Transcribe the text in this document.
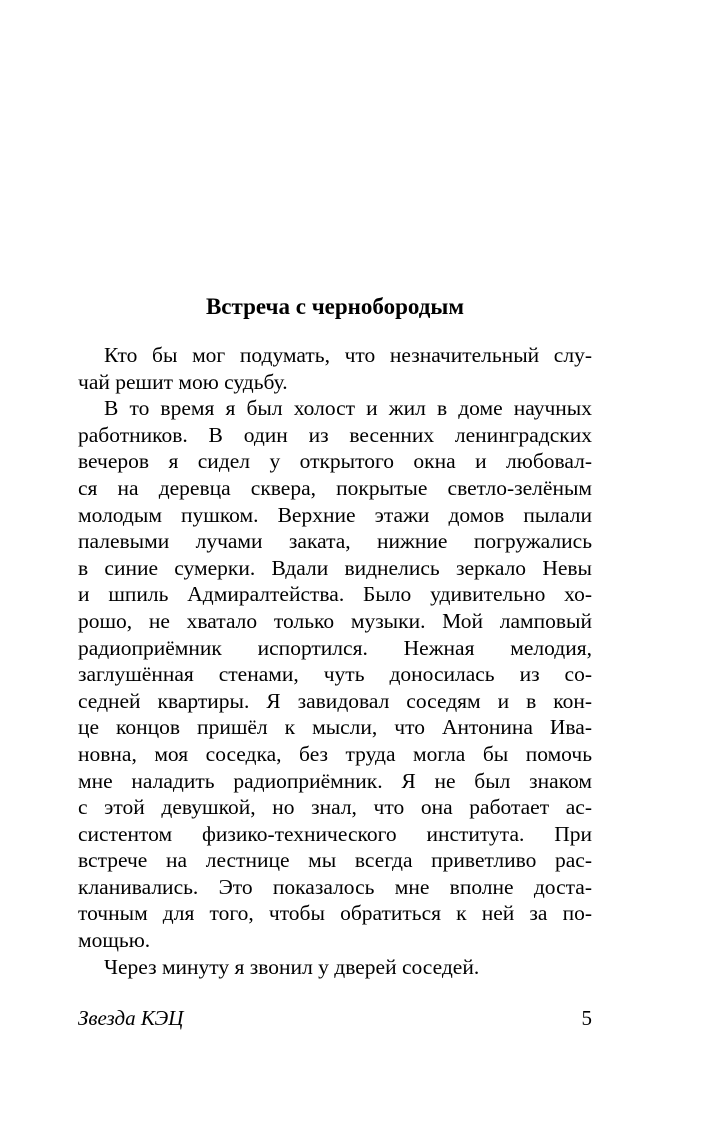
Встреча с чернобородым

Кто бы мог подумать, что незначительный слу-
чай решит мою судьбу.

В то время я был холост и жил в доме научных
работников. В один из весенних ленинградских
вечеров я сидел у открытого окна и любовал-
ся на деревца сквера, покрытые светло-зелёным
молодым пушком. Верхние этажи домов пылали
палевыми лучами заката, нижние погружались
в синие сумерки. Вдали виднелись зеркало Невы
и шпиль Адмиралтейства. Было удивительно хо-
рошо, не хватало только музыки. Мой ламповый
радиоприёмник испортился. Нежная мелодия,
заглушённая стенами, чуть доносилась из со-
седней квартиры. Я завидовал соседям и в кон-
це концов пришёл к мысли, что Антонина Ива-
новна, моя соседка, без труда могла бы помочь
мне наладить радиоприёмник. Я не был знаком
с этой девушкой, но знал, что она работает ас-
систентом физико-технического института. При
встрече на лестнице мы всегда приветливо рас-
кланивались. Это показалось мне вполне доста-
точным для того, чтобы обратиться к ней за по-
мощью.

Через минуту я звонил у дверей соседей.

Звезда КЭЦ	5
